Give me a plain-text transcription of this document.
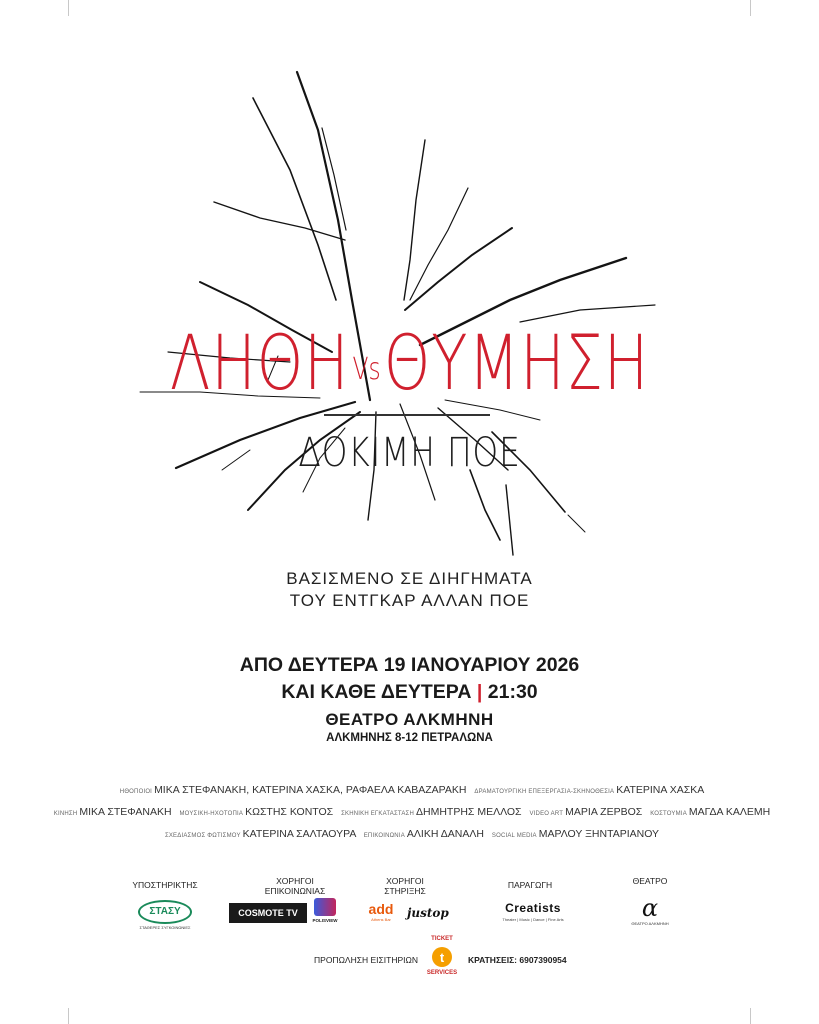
ΛΗΘΗ VsΘΥΜΗΣΗ
ΔΟΚΙΜΗ ΠΟΕ
ΒΑΣΙΣΜΕΝΟ ΣΕ ΔΙΗΓΗΜΑΤΑ
ΤΟΥ ΕΝΤΓΚΑΡ ΑΛΛΑΝ ΠΟΕ
ΑΠΟ ΔΕΥΤΕΡΑ 19 ΙΑΝΟΥΑΡΙΟΥ 2026
ΚΑΙ ΚΑΘΕ ΔΕΥΤΕΡΑ | 21:30
ΘΕΑΤΡΟ ΑΛΚΜΗΝΗ
ΑΛΚΜΗΝΗΣ 8-12 ΠΕΤΡΑΛΩΝΑ
ΗΘΟΠΟΙΟΙ ΜΙΚΑ ΣΤΕΦΑΝΑΚΗ, ΚΑΤΕΡΙΝΑ ΧΑΣΚΑ, ΡΑΦΑΕΛΑ ΚΑΒΑΖΑΡΑΚΗ ΔΡΑΜΑΤΟΥΡΓΙΚΗ ΕΠΕΞΕΡΓΑΣΙΑ-ΣΚΗΝΟΘΕΣΙΑ ΚΑΤΕΡΙΝΑ ΧΑΣΚΑ
ΚΙΝΗΣΗ ΜΙΚΑ ΣΤΕΦΑΝΑΚΗ ΜΟΥΣΙΚΗ-ΗΧΟΤΟΠΙΑ ΚΩΣΤΗΣ ΚΟΝΤΟΣ ΣΚΗΝΙΚΗ ΕΓΚΑΤΑΣΤΑΣΗ ΔΗΜΗΤΡΗΣ ΜΕΛΛΟΣ VIDEO ART ΜΑΡΙΑ ΖΕΡΒΟΣ ΚΟΣΤΟΥΜΙΑ ΜΑΓΔΑ ΚΑΛΕΜΗ
ΣΧΕΔΙΑΣΜΟΣ ΦΩΤΙΣΜΟΥ ΚΑΤΕΡΙΝΑ ΣΑΛΤΑΟΥΡΑ ΕΠΙΚΟΙΝΩΝΙΑ ΑΛΙΚΗ ΔΑΝΑΛΗ SOCIAL MEDIA ΜΑΡΛΟΥ ΞΗΝΤΑΡΙΑΝΟΥ
ΥΠΟΣΤΗΡΙΚΤΗΣ	ΧΟΡΗΓΟΙ
ΕΠΙΚΟΙΝΩΝΙΑΣ
ΧΟΡΗΓΟΙ
ΣΤΗΡΙΞΗΣ
ΠΑΡΑΓΩΓΗ	ΘΕΑΤΡΟ
ΣΤΑΣΥ
ΣΤΑΘΕΡΕΣ ΣΥΓΚΟΙΝΩΝΙΕΣ
COSMOTE TV
POLISVIEW
add
Athens Bar	justop	Creatists
Theater | Music | Dance | Fine Arts	α
ΘΕΑΤΡΟ ΑΛΚΜΗΝΗ
ΠΡΟΠΩΛΗΣΗ ΕΙΣΙΤΗΡΙΩΝ t
TICKET
SERVICES
ΚΡΑΤΗΣΕΙΣ: 6907390954
